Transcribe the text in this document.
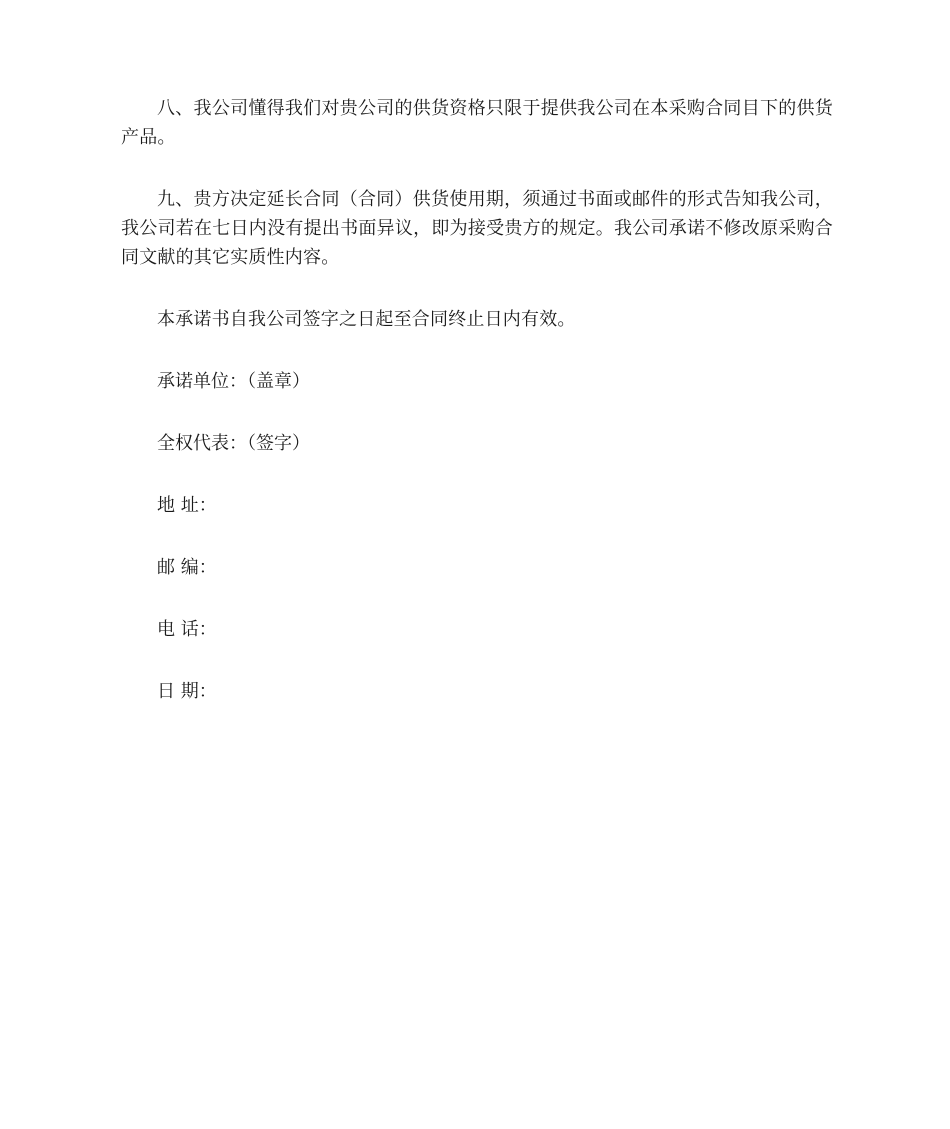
八、我公司懂得我们对贵公司的供货资格只限于提供我公司在本采购合同目下的供货产品。

九、贵方决定延长合同（合同）供货使用期，须通过书面或邮件的形式告知我公司，我公司若在七日内没有提出书面异议，即为接受贵方的规定。我公司承诺不修改原采购合同文献的其它实质性内容。

本承诺书自我公司签字之日起至合同终止日内有效。

承诺单位：（盖章）

全权代表：（签字）

地 址：

邮 编：

电 话：

日 期：
